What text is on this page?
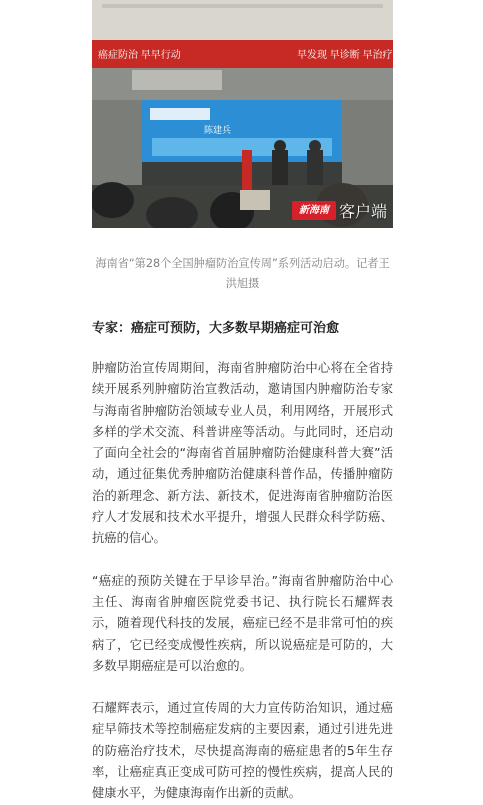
癌症防治 早早行动	早发现 早诊断 早治疗
陈建兵
新海南 客户端

海南省“第28个全国肿瘤防治宣传周”系列活动启动。记者王洪旭摄

专家：癌症可预防，大多数早期癌症可治愈

肿瘤防治宣传周期间，海南省肿瘤防治中心将在全省持续开展系列肿瘤防治宣教活动，邀请国内肿瘤防治专家与海南省肿瘤防治领域专业人员，利用网络，开展形式多样的学术交流、科普讲座等活动。与此同时，还启动了面向全社会的“海南省首届肿瘤防治健康科普大赛”活动，通过征集优秀肿瘤防治健康科普作品，传播肿瘤防治的新理念、新方法、新技术，促进海南省肿瘤防治医疗人才发展和技术水平提升，增强人民群众科学防癌、抗癌的信心。

“癌症的预防关键在于早诊早治。”海南省肿瘤防治中心主任、海南省肿瘤医院党委书记、执行院长石耀辉表示，随着现代科技的发展，癌症已经不是非常可怕的疾病了，它已经变成慢性疾病，所以说癌症是可防的，大多数早期癌症是可以治愈的。

石耀辉表示，通过宣传周的大力宣传防治知识，通过癌症早筛技术等控制癌症发病的主要因素，通过引进先进的防癌治疗技术，尽快提高海南的癌症患者的5年生存率，让癌症真正变成可防可控的慢性疾病，提高人民的健康水平，为健康海南作出新的贡献。
